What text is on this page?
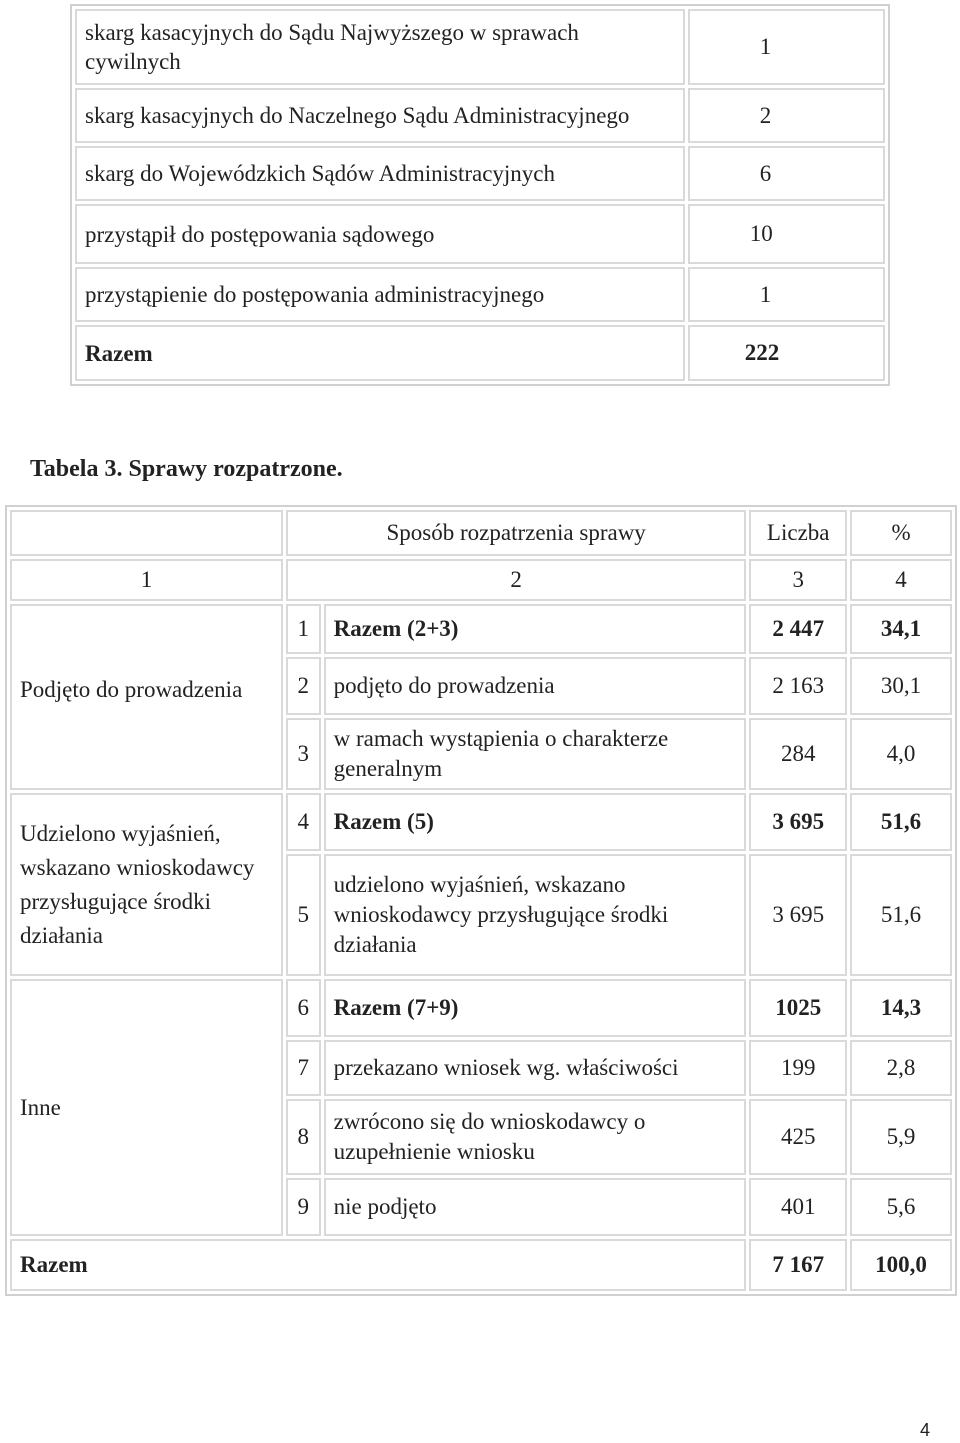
skarg kasacyjnych do Sądu Najwyższego w sprawach cywilnych	1
skarg kasacyjnych do Naczelnego Sądu Administracyjnego	2
skarg do Wojewódzkich Sądów Administracyjnych	6
przystąpił do postępowania sądowego	10
przystąpienie do postępowania administracyjnego	1
Razem	222
Tabela 3. Sprawy rozpatrzone.
	Sposób rozpatrzenia sprawy		Liczba	%
1	2		3	4

Podjęto do prowadzenia	1	Razem (2+3)	2 447	34,1
	2	podjęto do prowadzenia	2 163	30,1
	3	w ramach wystąpienia o charakterze generalnym	284	4,0
Udzielono wyjaśnień, wskazano wnioskodawcy przysługujące środki działania	4	Razem (5)	3 695	51,6
	5	udzielono wyjaśnień, wskazano wnioskodawcy przysługujące środki działania	3 695	51,6
Inne	6	Razem (7+9)	1025	14,3
	7	przekazano wniosek wg. właściwości	199	2,8
	8	zwrócono się do wnioskodawcy o uzupełnienie wniosku	425	5,9
	9	nie podjęto	401	5,6
Razem			7 167	100,0
4
